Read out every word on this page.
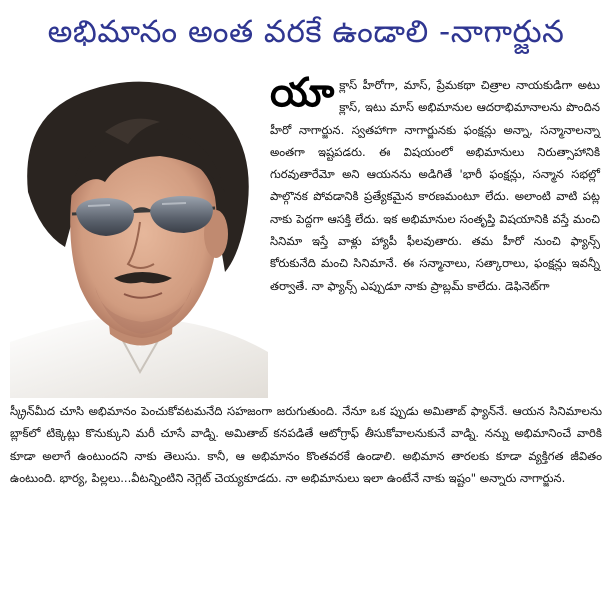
అభిమానం అంత వరకే ఉండాలి -నాగార్జున
యా క్లాస్ హీరోగా, మాస్, ప్రేమకథా చిత్రాల నాయకుడిగా అటు క్లాస్, ఇటు మాస్ అభిమానుల ఆదరాభిమానాలను పొందిన హీరో నాగార్జున. స్వతహాగా నాగార్జునకు ఫంక్షన్లు అన్నా, సన్మానాలన్నా అంతగా ఇష్టపడరు. ఈ విషయంలో అభిమానులు నిరుత్సాహానికి గురవుతారేమో అని ఆయనను అడిగితే 'భారీ ఫంక్షన్లు, సన్మాన సభల్లో పాల్గొనక పోవడానికి ప్రత్యేకమైన కారణమంటూ లేదు. అలాంటి వాటి పట్ల నాకు పెద్దగా ఆసక్తి లేదు. ఇక అభిమానుల సంతృప్తి విషయానికి వస్తే మంచి సినిమా ఇస్తే వాళ్లు హ్యాపీ ఫీలవుతారు. తమ హీరో నుంచి ఫ్యాన్స్ కోరుకునేది మంచి సినిమానే. ఈ సన్మానాలు, సత్కారాలు, ఫంక్షన్లు ఇవన్నీ తర్వాతే. నా ఫ్యాన్స్ ఎప్పుడూ నాకు ప్రాబ్లమ్ కాలేదు. డెఫినెట్‌గా

స్క్రీన్‌మీద చూసి అభిమానం పెంచుకోవటమనేది సహజంగా జరుగుతుంది. నేనూ ఒక ప్పుడు అమితాబ్ ఫ్యాన్‌నే. ఆయన సినిమాలను బ్లాక్‌లో టిక్కెట్లు కొనుక్కుని మరీ చూసే వాడ్ని. అమితాబ్ కనపడితే ఆటోగ్రాఫ్ తీసుకోవాలనుకునే వాడ్ని. నన్ను అభిమానించే వారికి కూడా అలాగే ఉంటుందని నాకు తెలుసు. కానీ, ఆ అభిమానం కొంతవరకే ఉండాలి. అభిమాన తారలకు కూడా వ్యక్తిగత జీవితం ఉంటుంది. భార్య, పిల్లలు...వీటన్నింటిని నెగ్లెట్ చెయ్యకూడదు. నా అభిమానులు ఇలా ఉంటేనే నాకు ఇష్టం" అన్నారు నాగార్జున.
